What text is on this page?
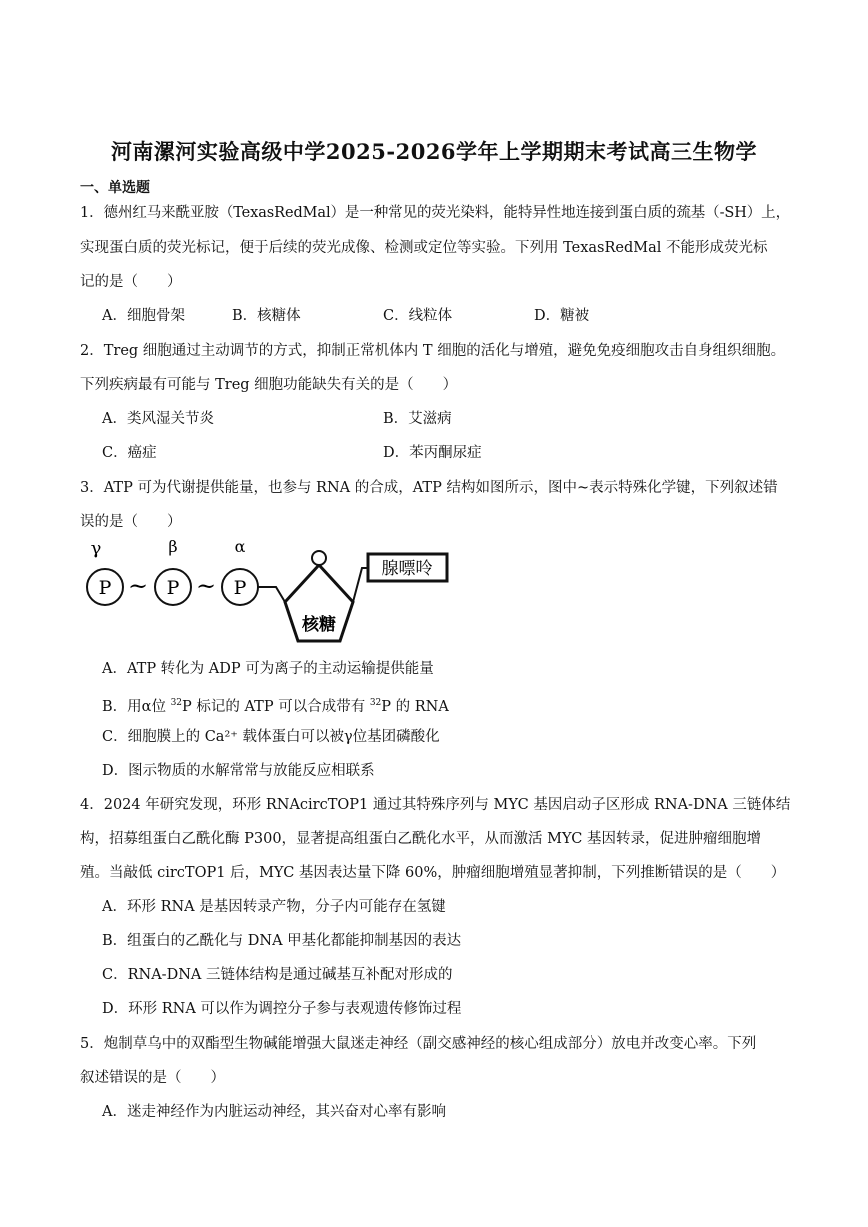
河南漯河实验高级中学2025-2026学年上学期期末考试高三生物学
一、单选题
1．德州红马来酰亚胺（TexasRedMal）是一种常见的荧光染料，能特异性地连接到蛋白质的巯基（-SH）上，
实现蛋白质的荧光标记，便于后续的荧光成像、检测或定位等实验。下列用 TexasRedMal 不能形成荧光标
记的是（　　）
A．细胞骨架	B．核糖体	C．线粒体	D．糖被
2．Treg 细胞通过主动调节的方式，抑制正常机体内 T 细胞的活化与增殖，避免免疫细胞攻击自身组织细胞。
下列疾病最有可能与 Treg 细胞功能缺失有关的是（　　）
A．类风湿关节炎	B．艾滋病
C．癌症	D．苯丙酮尿症
3．ATP 可为代谢提供能量，也参与 RNA 的合成，ATP 结构如图所示，图中~表示特殊化学键，下列叙述错
误的是（　　）
γ	β	α
P ~ P ~ P
核糖
腺嘌呤
A．ATP 转化为 ADP 可为离子的主动运输提供能量
B．用α位 $^{32}$P 标记的 ATP 可以合成带有 $^{32}$P 的 RNA
C．细胞膜上的 Ca²⁺ 载体蛋白可以被γ位基团磷酸化
D．图示物质的水解常常与放能反应相联系
4．2024 年研究发现，环形 RNAcircTOP1 通过其特殊序列与 MYC 基因启动子区形成 RNA-DNA 三链体结
构，招募组蛋白乙酰化酶 P300，显著提高组蛋白乙酰化水平，从而激活 MYC 基因转录，促进肿瘤细胞增
殖。当敲低 circTOP1 后，MYC 基因表达量下降 60%，肿瘤细胞增殖显著抑制，下列推断错误的是（　　）
A．环形 RNA 是基因转录产物，分子内可能存在氢键
B．组蛋白的乙酰化与 DNA 甲基化都能抑制基因的表达
C．RNA-DNA 三链体结构是通过碱基互补配对形成的
D．环形 RNA 可以作为调控分子参与表观遗传修饰过程
5．炮制草乌中的双酯型生物碱能增强大鼠迷走神经（副交感神经的核心组成部分）放电并改变心率。下列
叙述错误的是（　　）
A．迷走神经作为内脏运动神经，其兴奋对心率有影响
